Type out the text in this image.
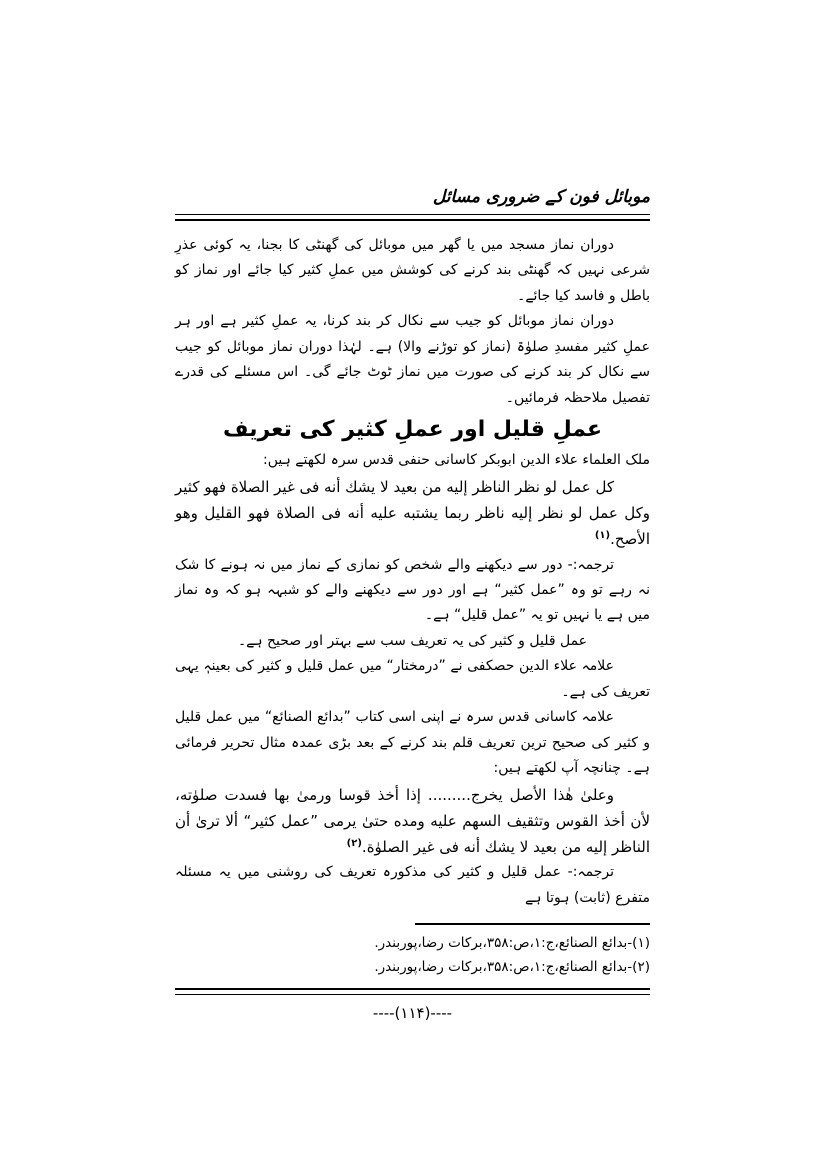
موبائل فون کے ضروری مسائل

دوران نماز مسجد میں یا گھر میں موبائل کی گھنٹی کا بجنا، یہ کوئی عذرِ شرعی نہیں کہ گھنٹی بند کرنے کی کوشش میں عملِ کثیر کیا جائے اور نماز کو باطل و فاسد کیا جائے۔

دوران نماز موبائل کو جیب سے نکال کر بند کرنا، یہ عملِ کثیر ہے اور ہر عملِ کثیر مفسدِ صلوٰۃ (نماز کو توڑنے والا) ہے۔ لہٰذا دوران نماز موبائل کو جیب سے نکال کر بند کرنے کی صورت میں نماز ٹوٹ جائے گی۔ اس مسئلے کی قدرے تفصیل ملاحظہ فرمائیں۔

عملِ قلیل اور عملِ کثیر کی تعریف

ملک العلماء علاء الدین ابوبکر کاسانی حنفی قدس سرہ لکھتے ہیں:

كل عمل لو نظر الناظر إليه من بعيد لا يشك أنه فى غير الصلاة فهو كثير وكل عمل لو نظر إليه ناظر ربما يشتبه عليه أنه فى الصلاة فهو القليل وهو الأصح.$^{(۱)}$

ترجمہ:- دور سے دیکھنے والے شخص کو نمازی کے نماز میں نہ ہونے کا شک نہ رہے تو وہ ”عمل کثیر“ ہے اور دور سے دیکھنے والے کو شبہہ ہو کہ وہ نماز میں ہے یا نہیں تو یہ ”عمل قلیل“ ہے۔

عمل قلیل و کثیر کی یہ تعریف سب سے بہتر اور صحیح ہے۔

علامہ علاء الدین حصکفی نے ”درمختار“ میں عمل قلیل و کثیر کی بعینہٖ یہی تعریف کی ہے۔

علامہ کاسانی قدس سرہ نے اپنی اسی کتاب ”بدائع الصنائع“ میں عمل قلیل و کثیر کی صحیح ترین تعریف قلم بند کرنے کے بعد بڑی عمدہ مثال تحریر فرمائی ہے۔ چنانچہ آپ لکھتے ہیں:

وعلىٰ هٰذا الأصل يخرج......... إذا أخذ قوسا ورمىٰ بها فسدت صلوٰته، لأن أخذ القوس وتثقيف السهم عليه ومده حتىٰ يرمى ”عمل كثير“ ألا ترىٰ أن الناظر إليه من بعيد لا يشك أنه فى غير الصلوٰة.$^{(۲)}$

ترجمہ:- عمل قلیل و کثیر کی مذکورہ تعریف کی روشنی میں یہ مسئلہ متفرع (ثابت) ہوتا ہے

(۱)-بدائع الصنائع،ج:۱،ص:۳۵۸،برکات رضا،پوربندر.

(۲)-بدائع الصنائع،ج:۱،ص:۳۵۸،برکات رضا،پوربندر.

----(۱۱۴)----
